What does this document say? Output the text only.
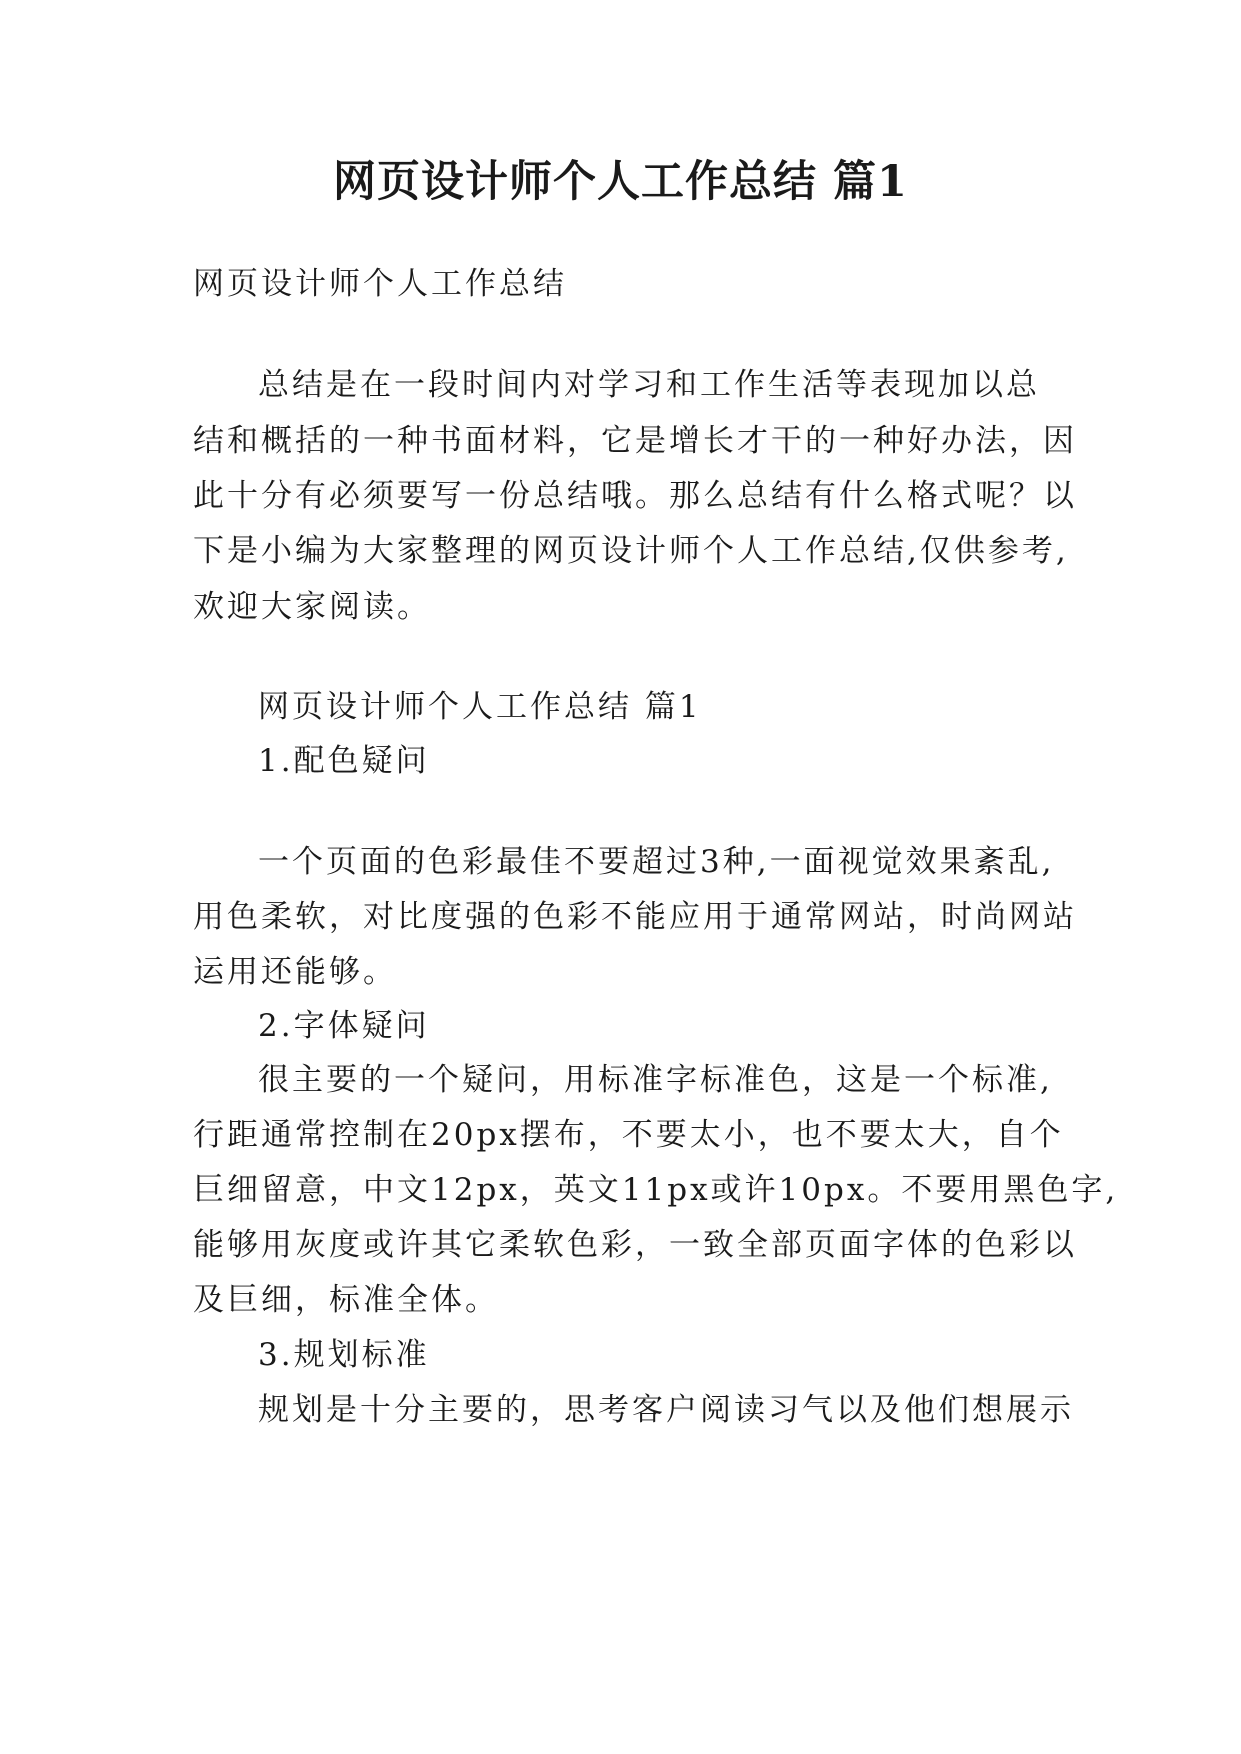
网页设计师个人工作总结 篇1
网页设计师个人工作总结
总结是在一段时间内对学习和工作生活等表现加以总
结和概括的一种书面材料，它是增长才干的一种好办法，因
此十分有必须要写一份总结哦。那么总结有什么格式呢？以
下是小编为大家整理的网页设计师个人工作总结,仅供参考,
欢迎大家阅读。
网页设计师个人工作总结 篇1
1.配色疑问
一个页面的色彩最佳不要超过3种,一面视觉效果紊乱,
用色柔软，对比度强的色彩不能应用于通常网站，时尚网站
运用还能够。
2.字体疑问
很主要的一个疑问，用标准字标准色，这是一个标准,
行距通常控制在20px摆布，不要太小，也不要太大，自个
巨细留意，中文12px，英文11px或许10px。不要用黑色字,
能够用灰度或许其它柔软色彩，一致全部页面字体的色彩以
及巨细，标准全体。
3.规划标准
规划是十分主要的，思考客户阅读习气以及他们想展示
